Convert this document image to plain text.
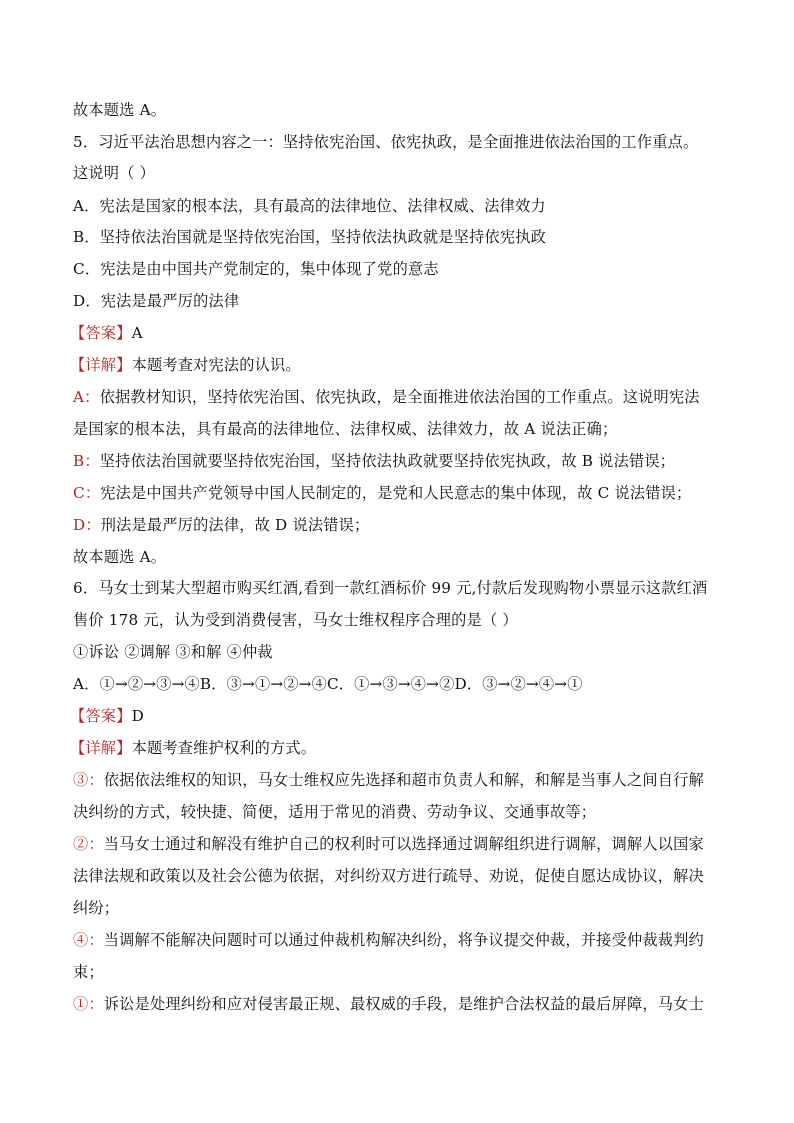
故本题选 A。
5．习近平法治思想内容之一：坚持依宪治国、依宪执政，是全面推进依法治国的工作重点。
这说明（ ）
A．宪法是国家的根本法，具有最高的法律地位、法律权威、法律效力
B．坚持依法治国就是坚持依宪治国，坚持依法执政就是坚持依宪执政
C．宪法是由中国共产党制定的，集中体现了党的意志
D．宪法是最严厉的法律
【答案】A
【详解】本题考查对宪法的认识。
A：依据教材知识，坚持依宪治国、依宪执政，是全面推进依法治国的工作重点。这说明宪法
是国家的根本法，具有最高的法律地位、法律权威、法律效力，故 A 说法正确；
B：坚持依法治国就要坚持依宪治国，坚持依法执政就要坚持依宪执政，故 B 说法错误；
C：宪法是中国共产党领导中国人民制定的，是党和人民意志的集中体现，故 C 说法错误；
D：刑法是最严厉的法律，故 D 说法错误；
故本题选 A。
6．马女士到某大型超市购买红酒,看到一款红酒标价 99 元,付款后发现购物小票显示这款红酒
售价 178 元，认为受到消费侵害，马女士维权程序合理的是（ ）
①诉讼 ②调解 ③和解 ④仲裁
A．①→②→③→④B．③→①→②→④C．①→③→④→②D．③→②→④→①
【答案】D
【详解】本题考查维护权利的方式。
③：依据依法维权的知识，马女士维权应先选择和超市负责人和解，和解是当事人之间自行解
决纠纷的方式，较快捷、简便，适用于常见的消费、劳动争议、交通事故等；
②：当马女士通过和解没有维护自己的权利时可以选择通过调解组织进行调解，调解人以国家
法律法规和政策以及社会公德为依据，对纠纷双方进行疏导、劝说，促使自愿达成协议，解决
纠纷；
④：当调解不能解决问题时可以通过仲裁机构解决纠纷，将争议提交仲裁，并接受仲裁裁判约
束；
①：诉讼是处理纠纷和应对侵害最正规、最权威的手段，是维护合法权益的最后屏障，马女士
